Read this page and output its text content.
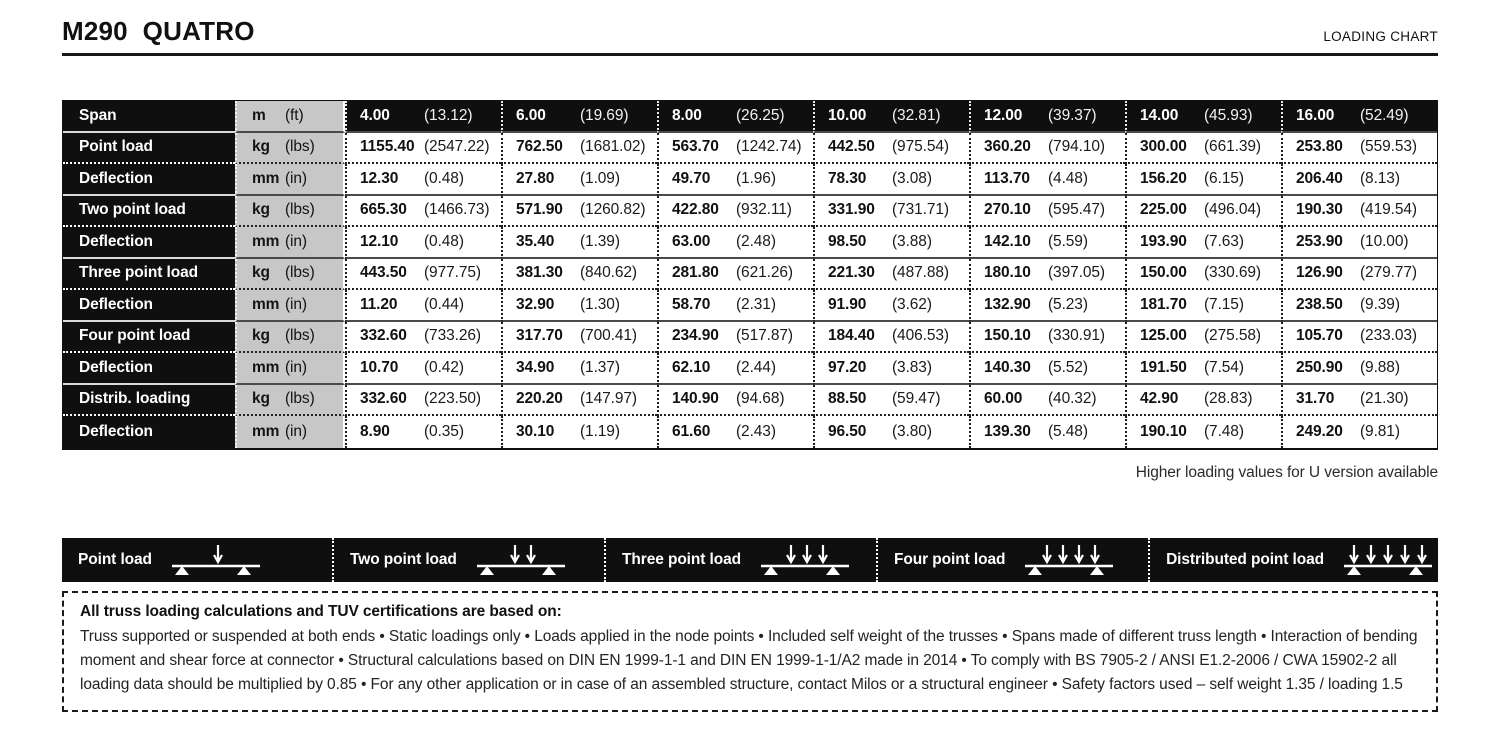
M290  QUATRO	LOADING CHART
Span	m	(ft)	4.00	(13.12)	6.00	(19.69)	8.00	(26.25)	10.00	(32.81)	12.00	(39.37)	14.00	(45.93)	16.00	(52.49)
Point load	kg (lbs)	1155.40 (2547.22)	762.50	(1681.02)	563.70	(1242.74)	442.50	(975.54)	360.20	(794.10)	300.00	(661.39)	253.80	(559.53)
Deflection	mm (in)	12.30	(0.48)	27.80	(1.09)	49.70	(1.96)	78.30	(3.08)	113.70	(4.48)	156.20	(6.15)	206.40	(8.13)
Two point load	kg (lbs)	665.30	(1466.73)	571.90	(1260.82)	422.80	(932.11)	331.90	(731.71)	270.10	(595.47)	225.00	(496.04)	190.30	(419.54)
Deflection	mm (in)	12.10	(0.48)	35.40	(1.39)	63.00	(2.48)	98.50	(3.88)	142.10	(5.59)	193.90	(7.63)	253.90	(10.00)
Three point load	kg (lbs)	443.50	(977.75)	381.30	(840.62)	281.80	(621.26)	221.30	(487.88)	180.10	(397.05)	150.00	(330.69)	126.90	(279.77)
Deflection	mm (in)	11.20	(0.44)	32.90	(1.30)	58.70	(2.31)	91.90	(3.62)	132.90	(5.23)	181.70	(7.15)	238.50	(9.39)
Four point load	kg (lbs)	332.60	(733.26)	317.70	(700.41)	234.90	(517.87)	184.40	(406.53)	150.10	(330.91)	125.00	(275.58)	105.70	(233.03)
Deflection	mm (in)	10.70	(0.42)	34.90	(1.37)	62.10	(2.44)	97.20	(3.83)	140.30	(5.52)	191.50	(7.54)	250.90	(9.88)
Distrib. loading	kg (lbs)	332.60	(223.50)	220.20	(147.97)	140.90	(94.68)	88.50	(59.47)	60.00	(40.32)	42.90	(28.83)	31.70	(21.30)
Deflection	mm (in)	8.90	(0.35)	30.10	(1.19)	61.60	(2.43)	96.50	(3.80)	139.30	(5.48)	190.10	(7.48)	249.20	(9.81)
Higher loading values for U version available
Point load	Two point load	Three point load	Four point load	Distributed point load

All truss loading calculations and TUV certifications are based on:

Truss supported or suspended at both ends • Static loadings only • Loads applied in the node points • Included self weight of the trusses • Spans made of different truss length • Interaction of bending moment and shear force at connector • Structural calculations based on DIN EN 1999-1-1 and DIN EN 1999-1-1/A2 made in 2014 • To comply with BS 7905-2 / ANSI E1.2-2006 / CWA 15902-2 all loading data should be multiplied by 0.85 • For any other application or in case of an assembled structure, contact Milos or a structural engineer • Safety factors used – self weight 1.35 / loading 1.5
